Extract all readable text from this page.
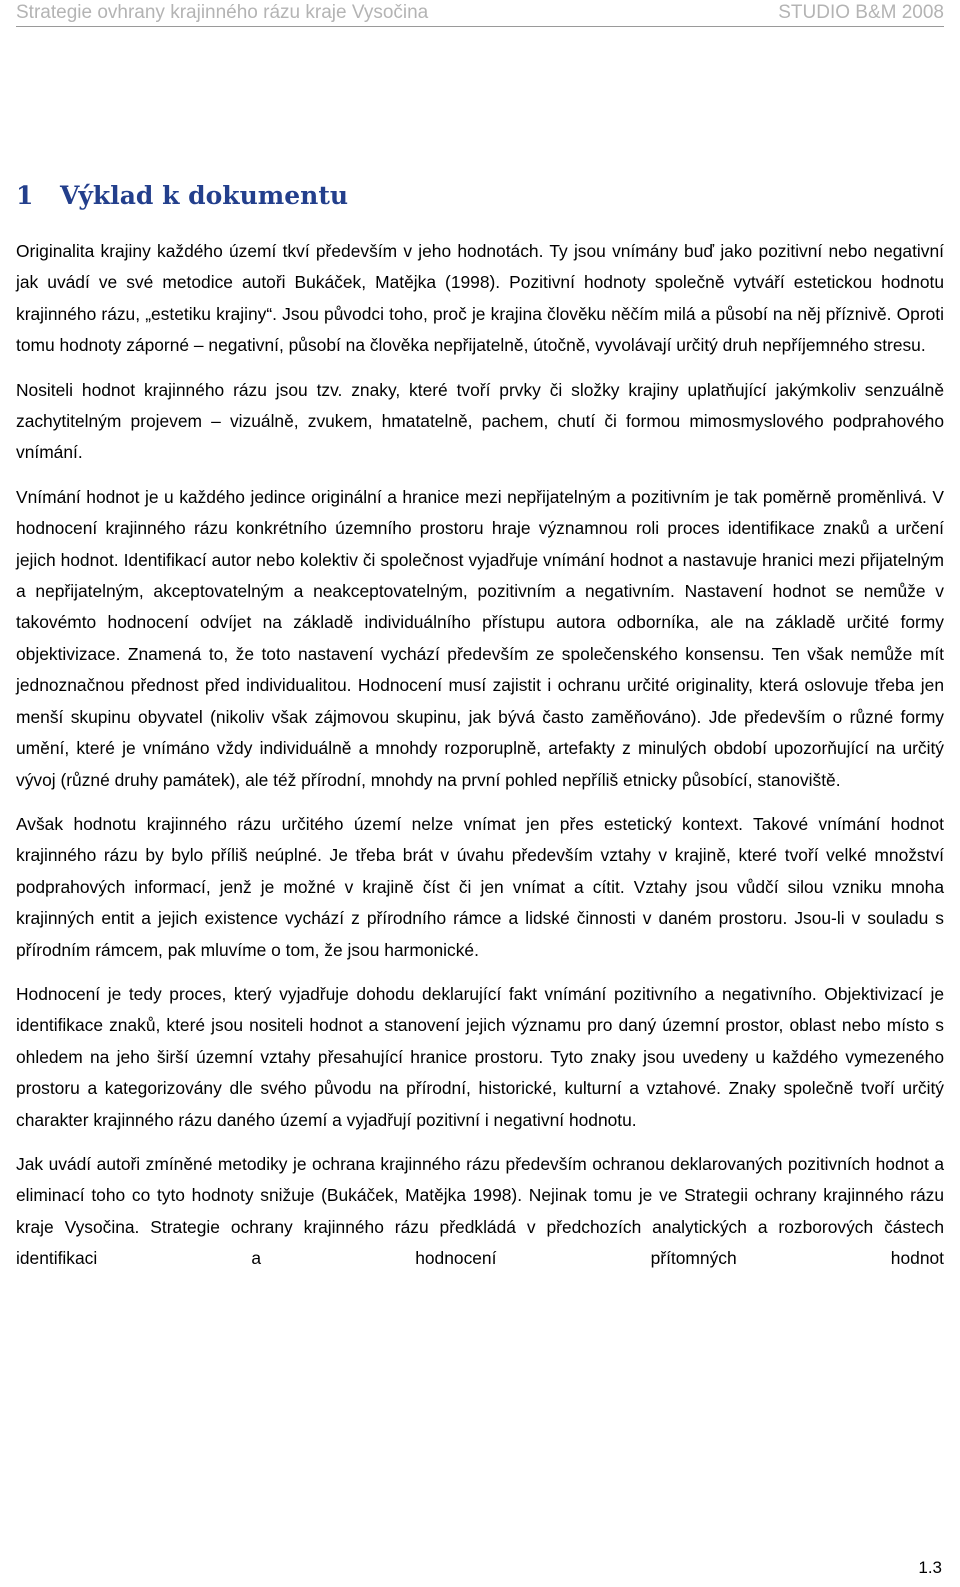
Strategie ovhrany krajinného rázu kraje Vysočina	STUDIO B&M 2008
1	Výklad k dokumentu

Originalita krajiny každého území tkví především v jeho hodnotách. Ty jsou vnímány buď jako pozitivní nebo negativní jak uvádí ve své metodice autoři Bukáček, Matějka (1998). Pozitivní hodnoty společně vytváří estetickou hodnotu krajinného rázu, „estetiku krajiny“. Jsou původci toho, proč je krajina člověku něčím milá a působí na něj příznivě. Oproti tomu hodnoty záporné – negativní, působí na člověka nepřijatelně, útočně, vyvolávají určitý druh nepříjemného stresu.

Nositeli hodnot krajinného rázu jsou tzv. znaky, které tvoří prvky či složky krajiny uplatňující jakýmkoliv senzuálně zachytitelným projevem – vizuálně, zvukem, hmatatelně, pachem, chutí či formou mimosmyslového podprahového vnímání.

Vnímání hodnot je u každého jedince originální a hranice mezi nepřijatelným a pozitivním je tak poměrně proměnlivá. V hodnocení krajinného rázu konkrétního územního prostoru hraje významnou roli proces identifikace znaků a určení jejich hodnot. Identifikací autor nebo kolektiv či společnost vyjadřuje vnímání hodnot a nastavuje hranici mezi přijatelným a nepřijatelným, akceptovatelným a neakceptovatelným, pozitivním a negativním. Nastavení hodnot se nemůže v takovémto hodnocení odvíjet na základě individuálního přístupu autora odborníka, ale na základě určité formy objektivizace. Znamená to, že toto nastavení vychází především ze společenského konsensu. Ten však nemůže mít jednoznačnou přednost před individualitou. Hodnocení musí zajistit i ochranu určité originality, která oslovuje třeba jen menší skupinu obyvatel (nikoliv však zájmovou skupinu, jak bývá často zaměňováno). Jde především o různé formy umění, které je vnímáno vždy individuálně a mnohdy rozporuplně, artefakty z minulých období upozorňující na určitý vývoj (různé druhy památek), ale též přírodní, mnohdy na první pohled nepříliš etnicky působící, stanoviště.

Avšak hodnotu krajinného rázu určitého území nelze vnímat jen přes estetický kontext. Takové vnímání hodnot krajinného rázu by bylo příliš neúplné. Je třeba brát v úvahu především vztahy v krajině, které tvoří velké množství podprahových informací, jenž je možné v krajině číst či jen vnímat a cítit. Vztahy jsou vůdčí silou vzniku mnoha krajinných entit a jejich existence vychází z přírodního rámce a lidské činnosti v daném prostoru. Jsou-li v souladu s přírodním rámcem, pak mluvíme o tom, že jsou harmonické.

Hodnocení je tedy proces, který vyjadřuje dohodu deklarující fakt vnímání pozitivního a negativního. Objektivizací je identifikace znaků, které jsou nositeli hodnot a stanovení jejich významu pro daný územní prostor, oblast nebo místo s ohledem na jeho širší územní vztahy přesahující hranice prostoru. Tyto znaky jsou uvedeny u každého vymezeného prostoru a kategorizovány dle svého původu na přírodní, historické, kulturní a vztahové. Znaky společně tvoří určitý charakter krajinného rázu daného území a vyjadřují pozitivní i negativní hodnotu.

Jak uvádí autoři zmíněné metodiky je ochrana krajinného rázu především ochranou deklarovaných pozitivních hodnot a eliminací toho co tyto hodnoty snižuje (Bukáček, Matějka 1998). Nejinak tomu je ve Strategii ochrany krajinného rázu kraje Vysočina. Strategie ochrany krajinného rázu předkládá v předchozích analytických a rozborových částech identifikaci a hodnocení přítomných hodnot

1.3
